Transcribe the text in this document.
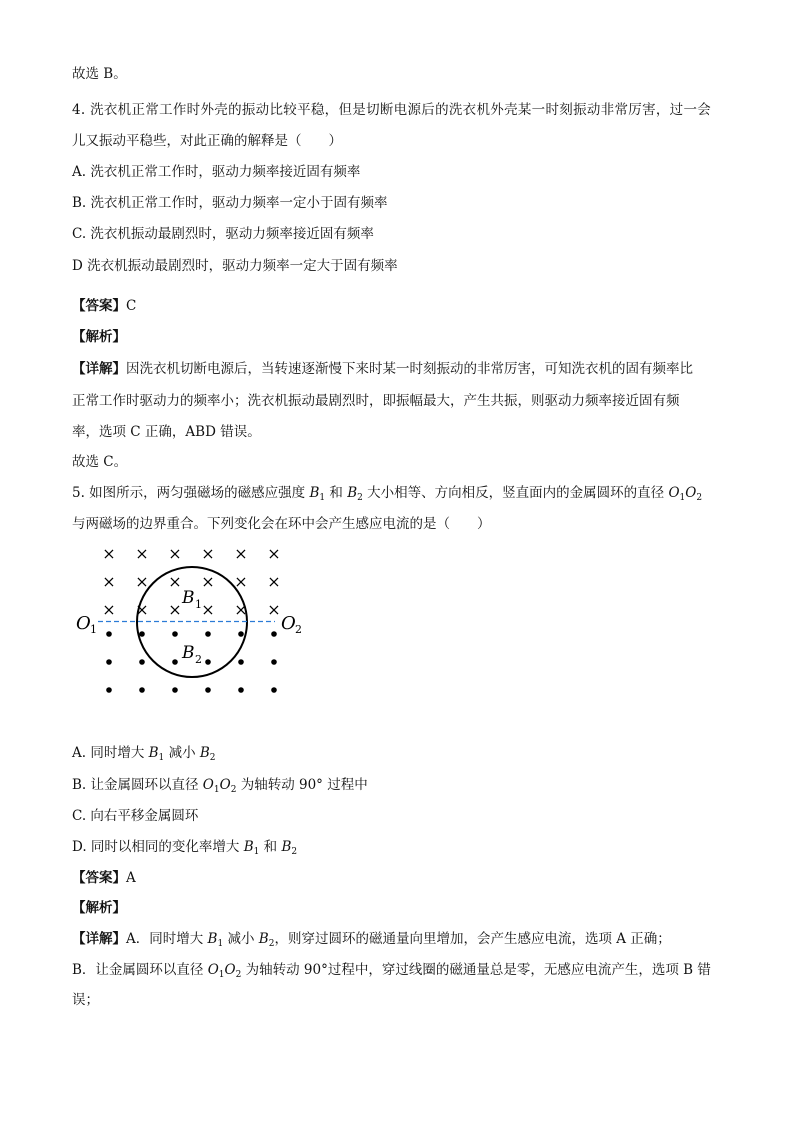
故选 B。
4. 洗衣机正常工作时外壳的振动比较平稳，但是切断电源后的洗衣机外壳某一时刻振动非常厉害，过一会
儿又振动平稳些，对此正确的解释是（　　）
A. 洗衣机正常工作时，驱动力频率接近固有频率
B. 洗衣机正常工作时，驱动力频率一定小于固有频率
C. 洗衣机振动最剧烈时，驱动力频率接近固有频率
D 洗衣机振动最剧烈时，驱动力频率一定大于固有频率
【答案】C
【解析】
【详解】因洗衣机切断电源后，当转速逐渐慢下来时某一时刻振动的非常厉害，可知洗衣机的固有频率比
正常工作时驱动力的频率小；洗衣机振动最剧烈时，即振幅最大，产生共振，则驱动力频率接近固有频
率，选项 C 正确，ABD 错误。
故选 C。
5. 如图所示，两匀强磁场的磁感应强度 $B_1$ 和 $B_2$ 大小相等、方向相反，竖直面内的金属圆环的直径 $O_1O_2$
与两磁场的边界重合。下列变化会在环中会产生感应电流的是（　　）
× × × × × ×
× × × × × ×
× × × × × ×
B 1
B 2
O 1	O 2
A. 同时增大 $B_1$ 减小 $B_2$
B. 让金属圆环以直径 $O_1O_2$ 为轴转动 90° 过程中
C. 向右平移金属圆环
D. 同时以相同的变化率增大 $B_1$ 和 $B_2$
【答案】A
【解析】
【详解】A．同时增大 $B_1$ 减小 $B_2$，则穿过圆环的磁通量向里增加，会产生感应电流，选项 A 正确；
B．让金属圆环以直径 $O_1O_2$ 为轴转动 90°过程中，穿过线圈的磁通量总是零，无感应电流产生，选项 B 错
误；
